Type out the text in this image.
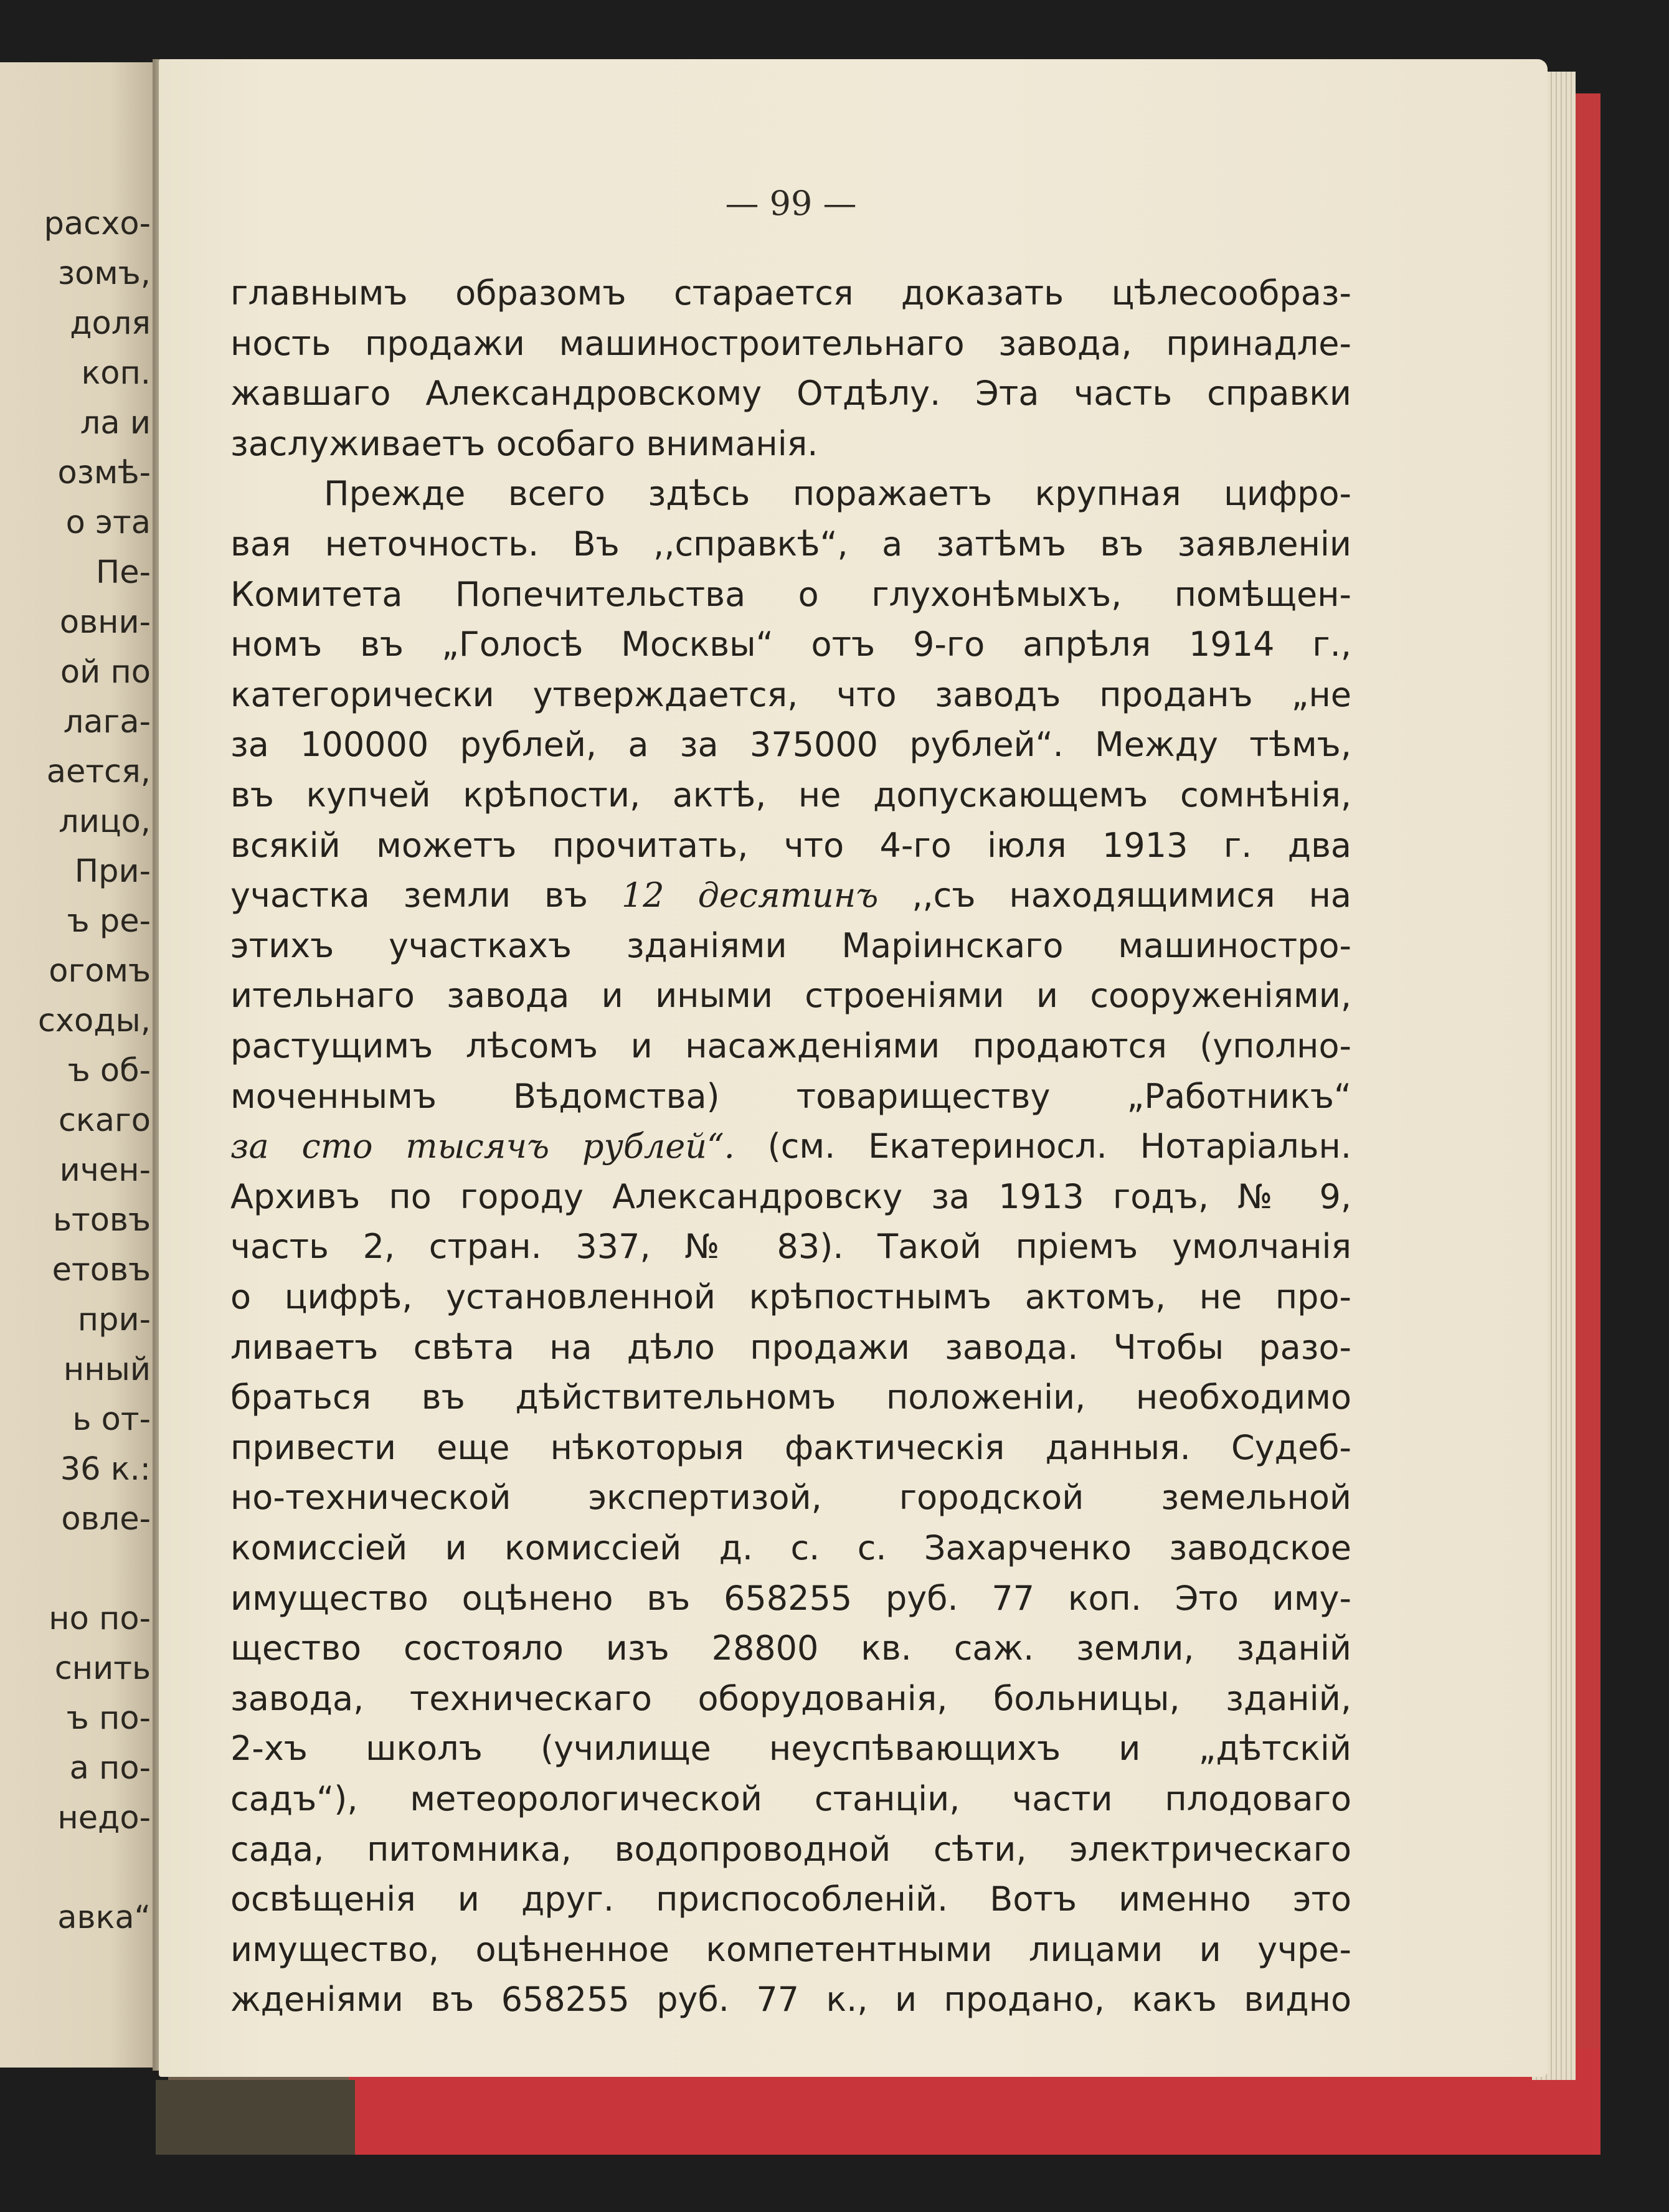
расхо-
зомъ,
доля
коп.
ла и
озмѣ-
о эта
Пе-
овни-
ой по
лага-
ается,
лицо,
При-
ъ ре-
огомъ
сходы,
ъ об-
скаго
ичен-
ьтовъ
етовъ
при-
нный
ь от-
36 к.:
овле-
но по-
снить
ъ по-
а по-
недо-
авка“
— 99 —
главнымъ образомъ старается доказать цѣлесообраз-
ность продажи машиностроительнаго завода, принадле-
жавшаго Александровскому Отдѣлу. Эта часть справки
заслуживаетъ особаго вниманія.
Прежде всего здѣсь поражаетъ крупная цифро-
вая неточность. Въ ,,справкѣ“, а затѣмъ въ заявленіи
Комитета Попечительства о глухонѣмыхъ, помѣщен-
номъ въ „Голосѣ Москвы“ отъ 9-го апрѣля 1914 г.,
категорически утверждается, что заводъ проданъ „не
за 100000 рублей, а за 375000 рублей“. Между тѣмъ,
въ купчей крѣпости, актѣ, не допускающемъ сомнѣнія,
всякій можетъ прочитать, что 4-го іюля 1913 г. два
участка земли въ 12 десятинъ ,,съ находящимися на
этихъ участкахъ зданіями Маріинскаго машиностро-
ительнаго завода и иными строеніями и сооруженіями,
растущимъ лѣсомъ и насажденіями продаются (уполно-
моченнымъ Вѣдомства) товариществу „Работникъ“
за сто тысячъ рублей“. (см. Екатериносл. Нотаріальн.
Архивъ по городу Александровску за 1913 годъ, № 9,
часть 2, стран. 337, № 83). Такой пріемъ умолчанія
о цифрѣ, установленной крѣпостнымъ актомъ, не про-
ливаетъ свѣта на дѣло продажи завода. Чтобы разо-
браться въ дѣйствительномъ положеніи, необходимо
привести еще нѣкоторыя фактическія данныя. Судеб-
но-технической экспертизой, городской земельной
комиссіей и комиссіей д. с. с. Захарченко заводское
имущество оцѣнено въ 658255 руб. 77 коп. Это иму-
щество состояло изъ 28800 кв. саж. земли, зданій
завода, техническаго оборудованія, больницы, зданій,
2-хъ школъ (училище неуспѣвающихъ и „дѣтскій
садъ“), метеорологической станціи, части плодоваго
сада, питомника, водопроводной сѣти, электрическаго
освѣщенія и друг. приспособленій. Вотъ именно это
имущество, оцѣненное компетентными лицами и учре-
жденіями въ 658255 руб. 77 к., и продано, какъ видно
